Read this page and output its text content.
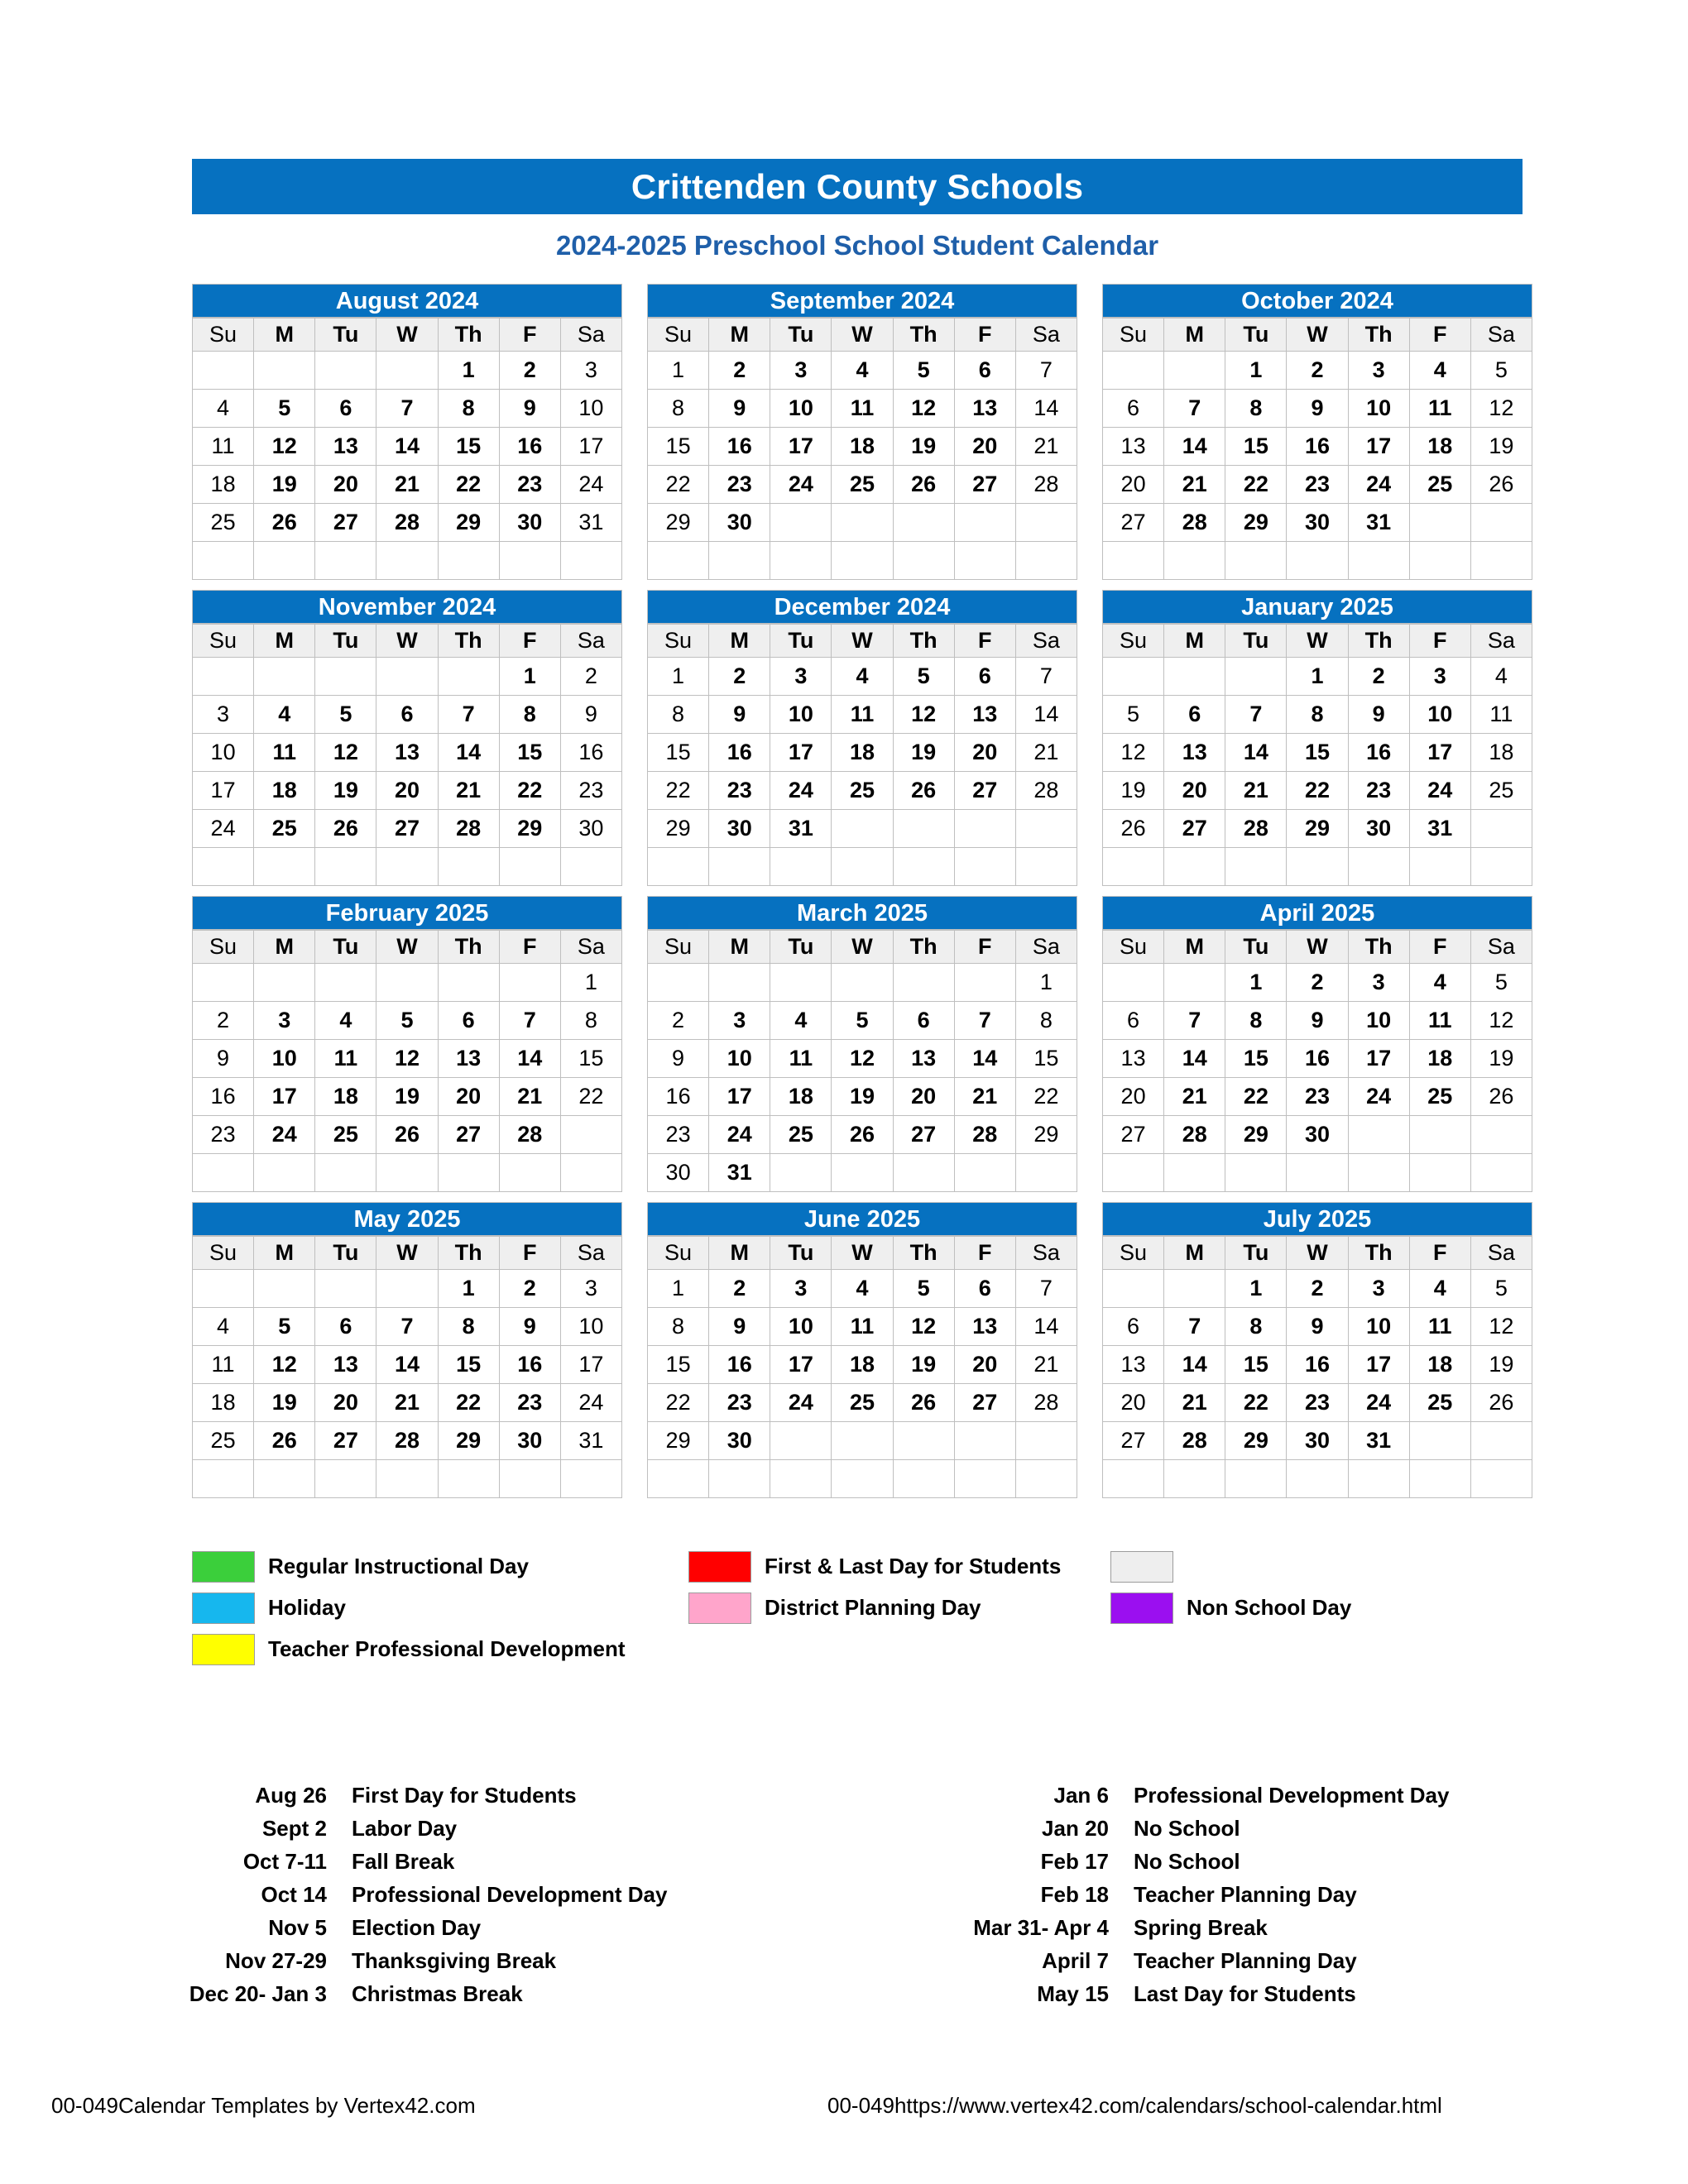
Crittenden County Schools
2024-2025 Preschool School Student Calendar
August 2024
Su	M	Tu	W	Th	F	Sa
				1	2	3
4	5	6	7	8	9	10
11	12	13	14	15	16	17
18	19	20	21	22	23	24
25	26	27	28	29	30	31

September 2024
Su	M	Tu	W	Th	F	Sa
1	2	3	4	5	6	7
8	9	10	11	12	13	14
15	16	17	18	19	20	21
22	23	24	25	26	27	28
29	30					

October 2024
Su	M	Tu	W	Th	F	Sa
		1	2	3	4	5
6	7	8	9	10	11	12
13	14	15	16	17	18	19
20	21	22	23	24	25	26
27	28	29	30	31		

November 2024
Su	M	Tu	W	Th	F	Sa
					1	2
3	4	5	6	7	8	9
10	11	12	13	14	15	16
17	18	19	20	21	22	23
24	25	26	27	28	29	30

December 2024
Su	M	Tu	W	Th	F	Sa
1	2	3	4	5	6	7
8	9	10	11	12	13	14
15	16	17	18	19	20	21
22	23	24	25	26	27	28
29	30	31				

January 2025
Su	M	Tu	W	Th	F	Sa
			1	2	3	4
5	6	7	8	9	10	11
12	13	14	15	16	17	18
19	20	21	22	23	24	25
26	27	28	29	30	31	

February 2025
Su	M	Tu	W	Th	F	Sa
						1
2	3	4	5	6	7	8
9	10	11	12	13	14	15
16	17	18	19	20	21	22
23	24	25	26	27	28	

March 2025
Su	M	Tu	W	Th	F	Sa
						1
2	3	4	5	6	7	8
9	10	11	12	13	14	15
16	17	18	19	20	21	22
23	24	25	26	27	28	29
30	31					
April 2025
Su	M	Tu	W	Th	F	Sa
		1	2	3	4	5
6	7	8	9	10	11	12
13	14	15	16	17	18	19
20	21	22	23	24	25	26
27	28	29	30			

May 2025
Su	M	Tu	W	Th	F	Sa
				1	2	3
4	5	6	7	8	9	10
11	12	13	14	15	16	17
18	19	20	21	22	23	24
25	26	27	28	29	30	31

June 2025
Su	M	Tu	W	Th	F	Sa
1	2	3	4	5	6	7
8	9	10	11	12	13	14
15	16	17	18	19	20	21
22	23	24	25	26	27	28
29	30					

July 2025
Su	M	Tu	W	Th	F	Sa
		1	2	3	4	5
6	7	8	9	10	11	12
13	14	15	16	17	18	19
20	21	22	23	24	25	26
27	28	29	30	31		

Regular Instructional Day
Holiday
Teacher Professional Development
First & Last Day for Students
District Planning Day	Non School Day
Aug 26 First Day for Students
Sept 2 Labor Day
Oct 7-11 Fall Break
Oct 14 Professional Development Day
Nov 5 Election Day
Nov 27-29 Thanksgiving Break
Dec 20- Jan 3 Christmas Break
Jan 6 Professional Development Day
Jan 20 No School
Feb 17 No School
Feb 18 Teacher Planning Day
Mar 31- Apr 4 Spring Break
April 7 Teacher Planning Day
May 15 Last Day for Students
00-049Calendar Templates by Vertex42.com	00-049https://www.vertex42.com/calendars/school-calendar.html
